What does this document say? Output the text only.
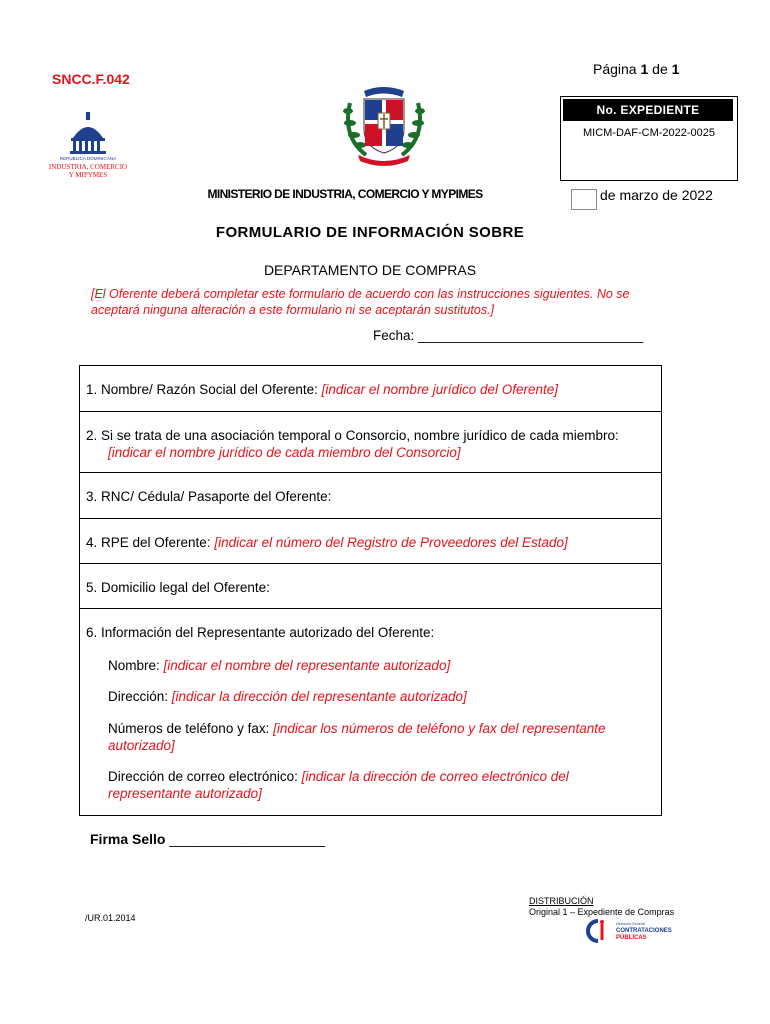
SNCC.F.042
Página 1 de 1
REPÚBLICA DOMINICANA
INDUSTRIA, COMERCIO
Y MIPYMES
No. EXPEDIENTE
MICM-DAF-CM-2022-0025
MINISTERIO DE INDUSTRIA, COMERCIO Y MYPIMES	de marzo de 2022
FORMULARIO DE INFORMACIÓN SOBRE
DEPARTAMENTO DE COMPRAS
[El Oferente deberá completar este formulario de acuerdo con las instrucciones siguientes. No se
aceptará ninguna alteración a este formulario ni se aceptarán sustitutos.]
Fecha: ______________________________
1. Nombre/ Razón Social del Oferente: [indicar el nombre jurídico del Oferente]
2. Si se trata de una asociación temporal o Consorcio, nombre jurídico de cada miembro:
[indicar el nombre jurídico de cada miembro del Consorcio]
3. RNC/ Cédula/ Pasaporte del Oferente:
4. RPE del Oferente: [indicar el número del Registro de Proveedores del Estado]
5. Domicilio legal del Oferente:
6. Información del Representante autorizado del Oferente:
Nombre: [indicar el nombre del representante autorizado]
Dirección: [indicar la dirección del representante autorizado]
Números de teléfono y fax: [indicar los números de teléfono y fax del representante
autorizado]
Dirección de correo electrónico: [indicar la dirección de correo electrónico del
representante autorizado]
Firma Sello ____________________
/UR.01.2014
DISTRIBUCIÓN
Original 1 – Expediente de Compras
Dirección General
CONTRATACIONES
PÚBLICAS
